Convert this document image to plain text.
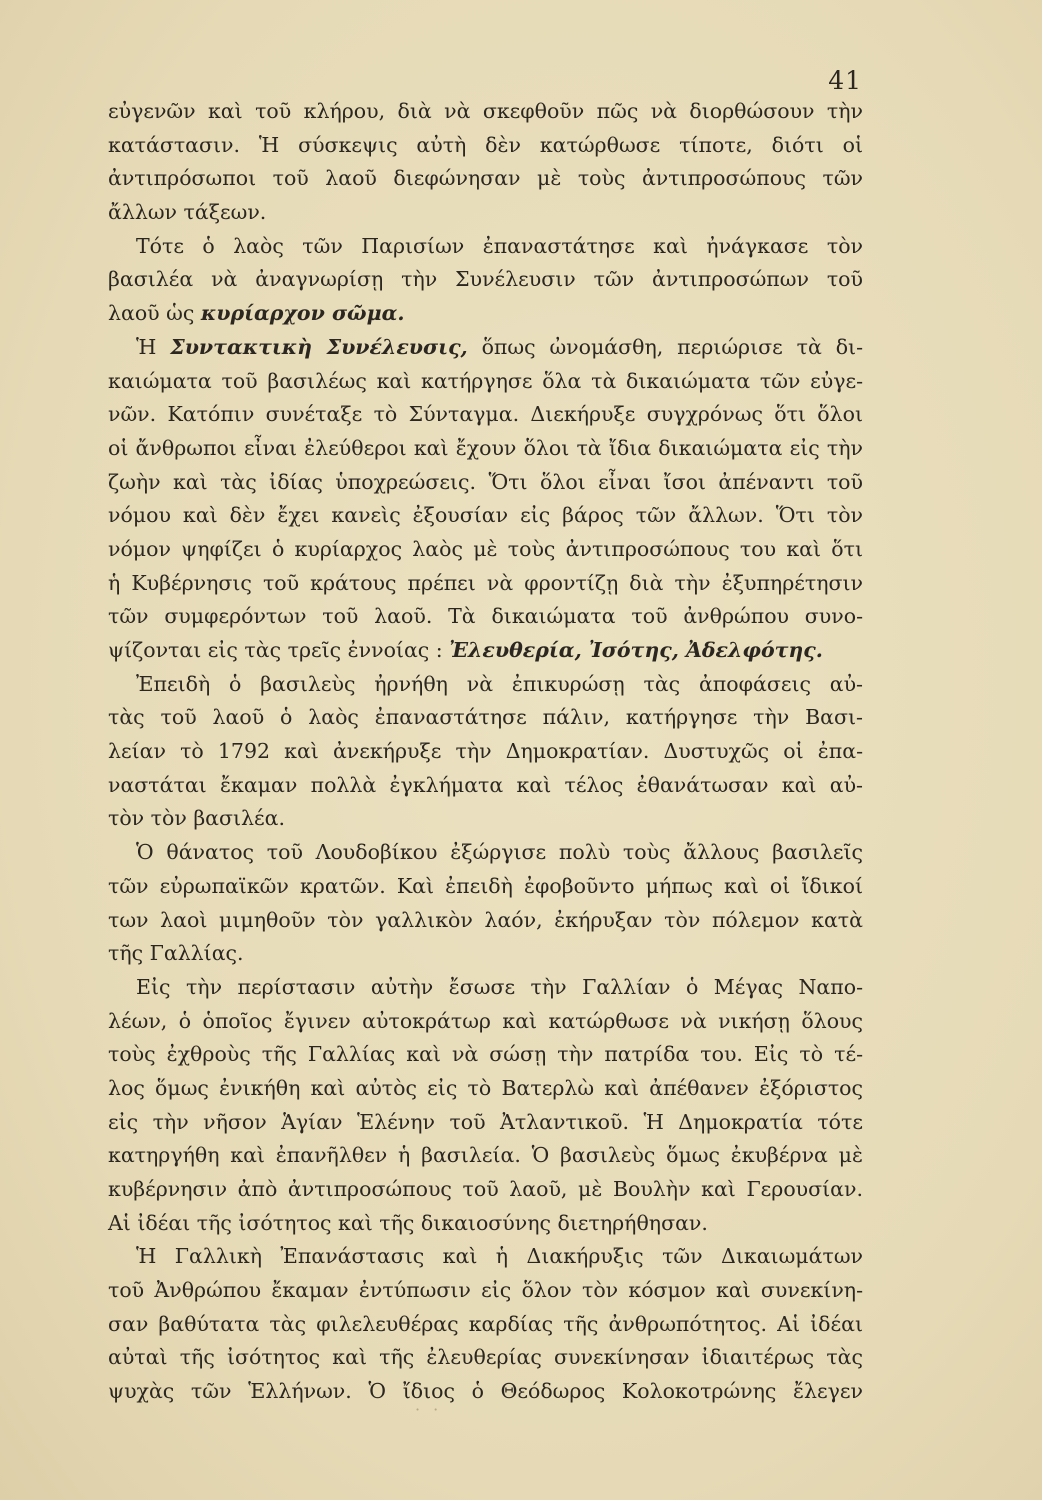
41
εὐγενῶν καὶ τοῦ κλήρου, διὰ νὰ σκεφθοῦν πῶς νὰ διορθώσουν τὴν
κατάστασιν. Ἡ σύσκεψις αὐτὴ δὲν κατώρθωσε τίποτε, διότι οἱ
ἀντιπρόσωποι τοῦ λαοῦ διεφώνησαν μὲ τοὺς ἀντιπροσώπους τῶν
ἄλλων τάξεων.
Τότε ὁ λαὸς τῶν Παρισίων ἐπαναστάτησε καὶ ἠνάγκασε τὸν
βασιλέα νὰ ἀναγνωρίσῃ τὴν Συνέλευσιν τῶν ἀντιπροσώπων τοῦ
λαοῦ ὡς κυρίαρχον σῶμα.
Ἡ Συντακτικὴ Συνέλευσις, ὅπως ὠνομάσθη, περιώρισε τὰ δι-
καιώματα τοῦ βασιλέως καὶ κατήργησε ὅλα τὰ δικαιώματα τῶν εὐγε-
νῶν. Κατόπιν συνέταξε τὸ Σύνταγμα. Διεκήρυξε συγχρόνως ὅτι ὅλοι
οἱ ἄνθρωποι εἶναι ἐλεύθεροι καὶ ἔχουν ὅλοι τὰ ἴδια δικαιώματα εἰς τὴν
ζωὴν καὶ τὰς ἰδίας ὑποχρεώσεις. Ὅτι ὅλοι εἶναι ἴσοι ἀπέναντι τοῦ
νόμου καὶ δὲν ἔχει κανεὶς ἐξουσίαν εἰς βάρος τῶν ἄλλων. Ὅτι τὸν
νόμον ψηφίζει ὁ κυρίαρχος λαὸς μὲ τοὺς ἀντιπροσώπους του καὶ ὅτι
ἡ Κυβέρνησις τοῦ κράτους πρέπει νὰ φροντίζῃ διὰ τὴν ἐξυπηρέτησιν
τῶν συμφερόντων τοῦ λαοῦ. Τὰ δικαιώματα τοῦ ἀνθρώπου συνο-
ψίζονται εἰς τὰς τρεῖς ἐννοίας : Ἐλευθερία, Ἰσότης, Ἀδελφότης.
Ἐπειδὴ ὁ βασιλεὺς ἠρνήθη νὰ ἐπικυρώσῃ τὰς ἀποφάσεις αὐ-
τὰς τοῦ λαοῦ ὁ λαὸς ἐπαναστάτησε πάλιν, κατήργησε τὴν Βασι-
λείαν τὸ 1792 καὶ ἀνεκήρυξε τὴν Δημοκρατίαν. Δυστυχῶς οἱ ἐπα-
ναστάται ἔκαμαν πολλὰ ἐγκλήματα καὶ τέλος ἐθανάτωσαν καὶ αὐ-
τὸν τὸν βασιλέα.
Ὁ θάνατος τοῦ Λουδοβίκου ἐξώργισε πολὺ τοὺς ἄλλους βασιλεῖς
τῶν εὐρωπαϊκῶν κρατῶν. Καὶ ἐπειδὴ ἐφοβοῦντο μήπως καὶ οἱ ἴδικοί
των λαοὶ μιμηθοῦν τὸν γαλλικὸν λαόν, ἐκήρυξαν τὸν πόλεμον κατὰ
τῆς Γαλλίας.
Εἰς τὴν περίστασιν αὐτὴν ἔσωσε τὴν Γαλλίαν ὁ Μέγας Ναπο-
λέων, ὁ ὁποῖος ἔγινεν αὐτοκράτωρ καὶ κατώρθωσε νὰ νικήσῃ ὅλους
τοὺς ἐχθροὺς τῆς Γαλλίας καὶ νὰ σώσῃ τὴν πατρίδα του. Εἰς τὸ τέ-
λος ὅμως ἐνικήθη καὶ αὐτὸς εἰς τὸ Βατερλὼ καὶ ἀπέθανεν ἐξόριστος
εἰς τὴν νῆσον Ἁγίαν Ἑλένην τοῦ Ἀτλαντικοῦ. Ἡ Δημοκρατία τότε
κατηργήθη καὶ ἐπανῆλθεν ἡ βασιλεία. Ὁ βασιλεὺς ὅμως ἐκυβέρνα μὲ
κυβέρνησιν ἀπὸ ἀντιπροσώπους τοῦ λαοῦ, μὲ Βουλὴν καὶ Γερουσίαν.
Αἱ ἰδέαι τῆς ἰσότητος καὶ τῆς δικαιοσύνης διετηρήθησαν.
Ἡ Γαλλικὴ Ἐπανάστασις καὶ ἡ Διακήρυξις τῶν Δικαιωμάτων
τοῦ Ἀνθρώπου ἔκαμαν ἐντύπωσιν εἰς ὅλον τὸν κόσμον καὶ συνεκίνη-
σαν βαθύτατα τὰς φιλελευθέρας καρδίας τῆς ἀνθρωπότητος. Αἱ ἰδέαι
αὐταὶ τῆς ἰσότητος καὶ τῆς ἐλευθερίας συνεκίνησαν ἰδιαιτέρως τὰς
ψυχὰς τῶν Ἑλλήνων. Ὁ ἴδιος ὁ Θεόδωρος Κολοκοτρώνης ἔλεγεν
· ·
